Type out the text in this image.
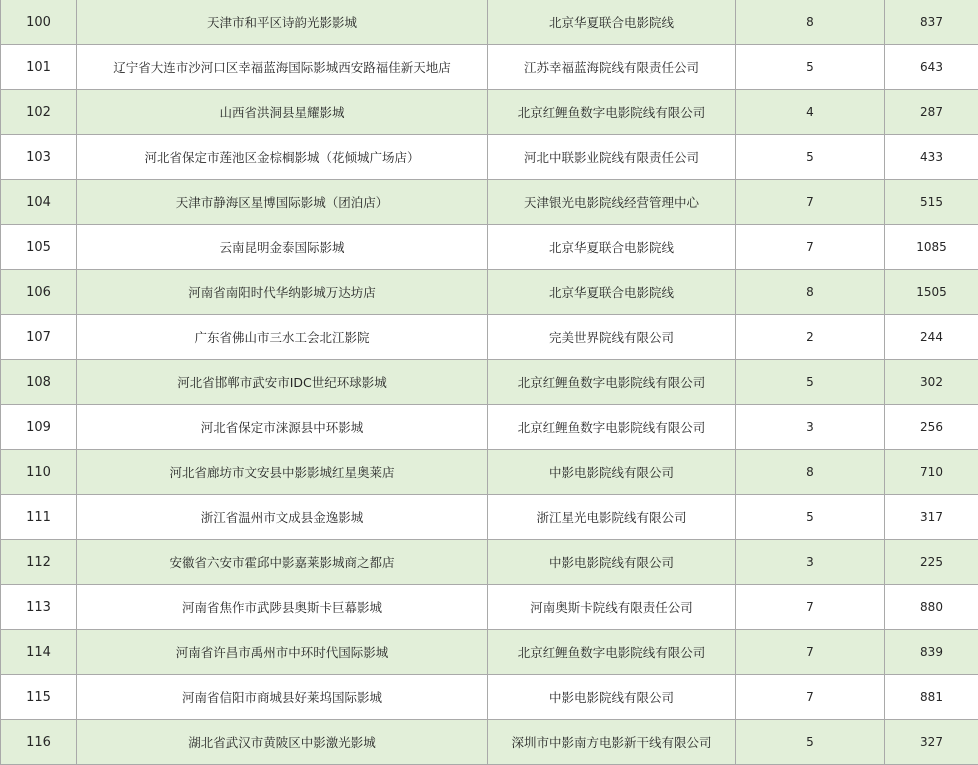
100	天津市和平区诗韵光影影城	北京华夏联合电影院线	8	837
101	辽宁省大连市沙河口区幸福蓝海国际影城西安路福佳新天地店	江苏幸福蓝海院线有限责任公司	5	643
102	山西省洪洞县星耀影城	北京红鲤鱼数字电影院线有限公司	4	287
103	河北省保定市莲池区金棕榈影城（花倾城广场店）	河北中联影业院线有限责任公司	5	433
104	天津市静海区星博国际影城（团泊店）	天津银光电影院线经营管理中心	7	515
105	云南昆明金泰国际影城	北京华夏联合电影院线	7	1085
106	河南省南阳时代华纳影城万达坊店	北京华夏联合电影院线	8	1505
107	广东省佛山市三水工会北江影院	完美世界院线有限公司	2	244
108	河北省邯郸市武安市IDC世纪环球影城	北京红鲤鱼数字电影院线有限公司	5	302
109	河北省保定市涞源县中环影城	北京红鲤鱼数字电影院线有限公司	3	256
110	河北省廊坊市文安县中影影城红星奥莱店	中影电影院线有限公司	8	710
111	浙江省温州市文成县金逸影城	浙江星光电影院线有限公司	5	317
112	安徽省六安市霍邱中影嘉莱影城商之都店	中影电影院线有限公司	3	225
113	河南省焦作市武陟县奥斯卡巨幕影城	河南奥斯卡院线有限责任公司	7	880
114	河南省许昌市禹州市中环时代国际影城	北京红鲤鱼数字电影院线有限公司	7	839
115	河南省信阳市商城县好莱坞国际影城	中影电影院线有限公司	7	881
116	湖北省武汉市黄陂区中影激光影城	深圳市中影南方电影新干线有限公司	5	327
